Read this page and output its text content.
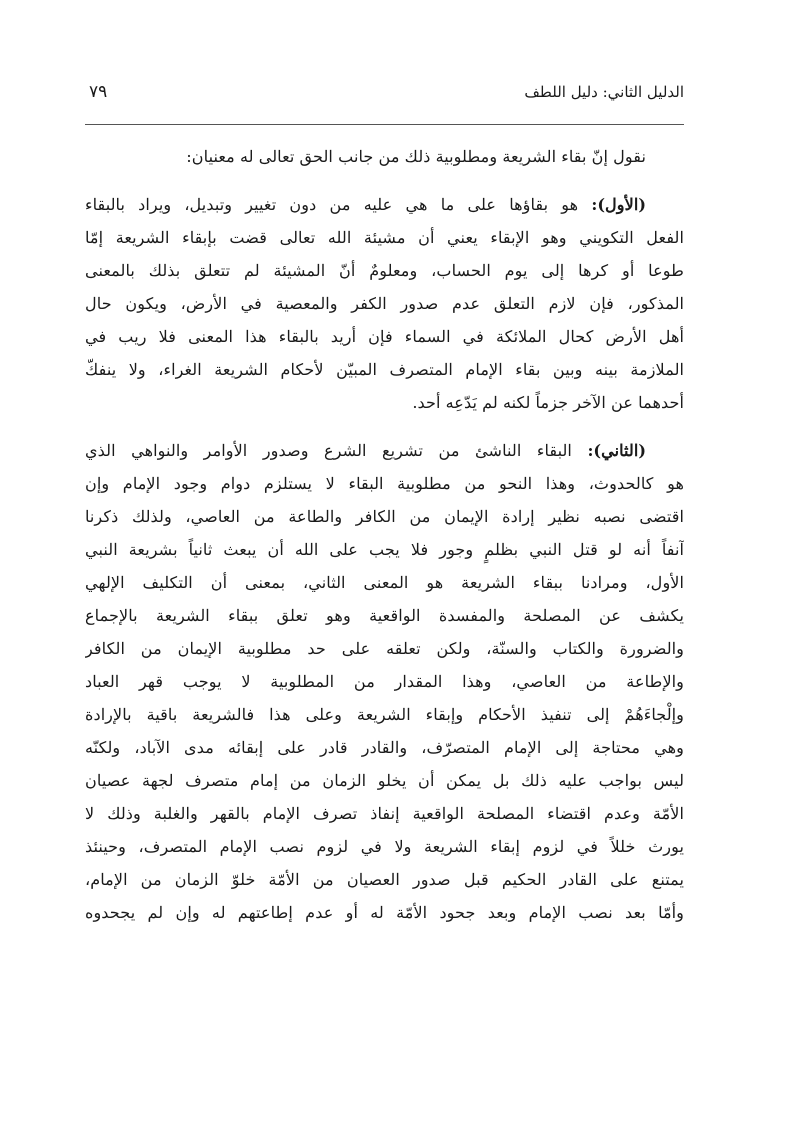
الدليل الثاني: دليل اللطف
٧٩

نقول إنّ بقاء الشريعة ومطلوبية ذلك من جانب الحق تعالى له معنيان:

(الأول): هو بقاؤها على ما هي عليه من دون تغيير وتبديل، ويراد بالبقاء
الفعل التكويني وهو الإبقاء يعني أن مشيئة الله تعالى قضت بإبقاء الشريعة إمّا
طوعا أو كرها إلى يوم الحساب، ومعلومٌ أنّ المشيئة لم تتعلق بذلك بالمعنى
المذكور، فإن لازم التعلق عدم صدور الكفر والمعصية في الأرض، ويكون حال
أهل الأرض كحال الملائكة في السماء فإن أريد بالبقاء هذا المعنى فلا ريب في
الملازمة بينه وبين بقاء الإمام المتصرف المبيّن لأحكام الشريعة الغراء، ولا ينفكّ
أحدهما عن الآخر جزماً لكنه لم يَدّعِه أحد.

(الثاني): البقاء الناشئ من تشريع الشرع وصدور الأوامر والنواهي الذي
هو كالحدوث، وهذا النحو من مطلوبية البقاء لا يستلزم دوام وجود الإمام وإن
اقتضى نصبه نظير إرادة الإيمان من الكافر والطاعة من العاصي، ولذلك ذكرنا
آنفاً أنه لو قتل النبي بظلمٍ وجور فلا يجب على الله أن يبعث ثانياً بشريعة النبي
الأول، ومرادنا ببقاء الشريعة هو المعنى الثاني، بمعنى أن التكليف الإلهي
يكشف عن المصلحة والمفسدة الواقعية وهو تعلق ببقاء الشريعة بالإجماع
والضرورة والكتاب والسنّة، ولكن تعلقه على حد مطلوبية الإيمان من الكافر
والإطاعة من العاصي، وهذا المقدار من المطلوبية لا يوجب قهر العباد
وإلْجاءَهُمْ إلى تنفيذ الأحكام وإبقاء الشريعة وعلى هذا فالشريعة باقية بالإرادة
وهي محتاجة إلى الإمام المتصرّف، والقادر قادر على إبقائه مدى الآباد، ولكنّه
ليس بواجب عليه ذلك بل يمكن أن يخلو الزمان من إمام متصرف لجهة عصيان
الأمّة وعدم اقتضاء المصلحة الواقعية إنفاذ تصرف الإمام بالقهر والغلبة وذلك لا
يورث خللاً في لزوم إبقاء الشريعة ولا في لزوم نصب الإمام المتصرف، وحينئذ
يمتنع على القادر الحكيم قبل صدور العصيان من الأمّة خلوّ الزمان من الإمام،
وأمّا بعد نصب الإمام وبعد جحود الأمّة له أو عدم إطاعتهم له وإن لم يجحدوه
